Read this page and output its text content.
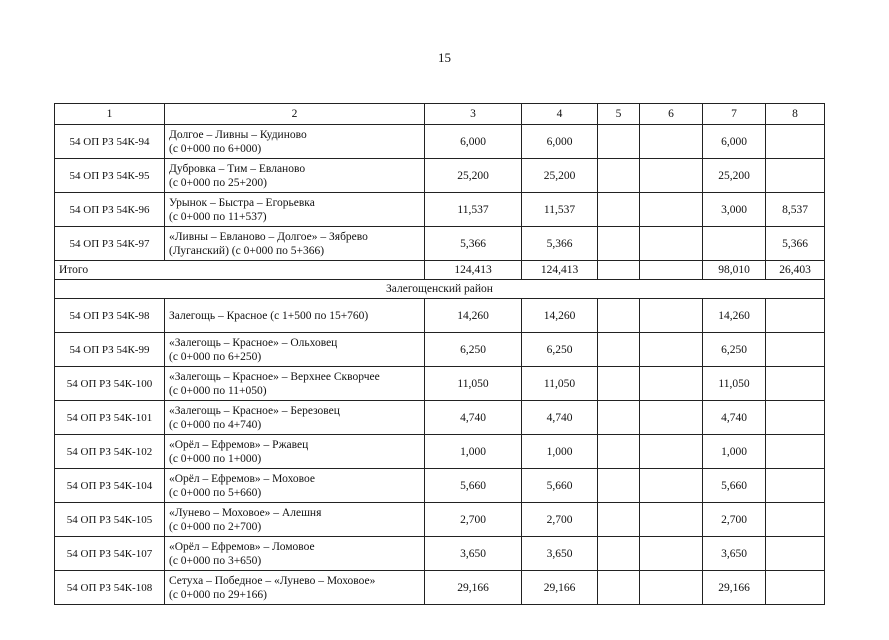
15
1	2	3	4	5	6	7	8
54 ОП РЗ 54К-94	Долгое – Ливны – Кудиново
(с 0+000 по 6+000)	6,000	6,000			6,000	
54 ОП РЗ 54К-95	Дубровка – Тим – Евланово
(с 0+000 по 25+200)	25,200	25,200			25,200	
54 ОП РЗ 54К-96	Урынок – Быстра – Егорьевка
(с 0+000 по 11+537)	11,537	11,537			3,000	8,537
54 ОП РЗ 54К-97	«Ливны – Евланово – Долгое» – Зябрево
(Луганский) (с 0+000 по 5+366)	5,366	5,366				5,366
Итого		124,413	124,413			98,010	26,403
Залегощенский район							
54 ОП РЗ 54К-98	Залегощь – Красное (с 1+500 по 15+760)	14,260	14,260			14,260	
54 ОП РЗ 54К-99	«Залегощь – Красное» – Ольховец
(с 0+000 по 6+250)	6,250	6,250			6,250	
54 ОП РЗ 54К-100	«Залегощь – Красное» – Верхнее Скворчее
(с 0+000 по 11+050)	11,050	11,050			11,050	
54 ОП РЗ 54К-101	«Залегощь – Красное» – Березовец
(с 0+000 по 4+740)	4,740	4,740			4,740	
54 ОП РЗ 54К-102	«Орёл – Ефремов» – Ржавец
(с 0+000 по 1+000)	1,000	1,000			1,000	
54 ОП РЗ 54К-104	«Орёл – Ефремов» – Моховое
(с 0+000 по 5+660)	5,660	5,660			5,660	
54 ОП РЗ 54К-105	«Лунево – Моховое» – Алешня
(с 0+000 по 2+700)	2,700	2,700			2,700	
54 ОП РЗ 54К-107	«Орёл – Ефремов» – Ломовое
(с 0+000 по 3+650)	3,650	3,650			3,650	
54 ОП РЗ 54К-108	Сетуха – Победное – «Лунево – Моховое»
(с 0+000 по 29+166)	29,166	29,166			29,166	
